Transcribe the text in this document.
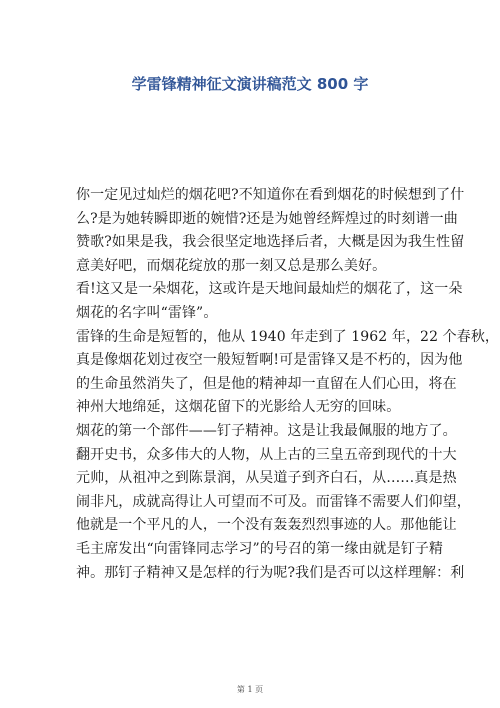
学雷锋精神征文演讲稿范文 800 字
你一定见过灿烂的烟花吧?不知道你在看到烟花的时候想到了什
么?是为她转瞬即逝的婉惜?还是为她曾经辉煌过的时刻谱一曲
赞歌?如果是我，我会很坚定地选择后者，大概是因为我生性留
意美好吧，而烟花绽放的那一刻又总是那么美好。
看!这又是一朵烟花，这或许是天地间最灿烂的烟花了，这一朵
烟花的名字叫“雷锋”。
雷锋的生命是短暂的，他从 1940 年走到了 1962 年，22 个春秋，
真是像烟花划过夜空一般短暂啊!可是雷锋又是不朽的，因为他
的生命虽然消失了，但是他的精神却一直留在人们心田，将在
神州大地绵延，这烟花留下的光影给人无穷的回味。
烟花的第一个部件——钉子精神。这是让我最佩服的地方了。
翻开史书，众多伟大的人物，从上古的三皇五帝到现代的十大
元帅，从祖冲之到陈景润，从吴道子到齐白石，从……真是热
闹非凡，成就高得让人可望而不可及。而雷锋不需要人们仰望，
他就是一个平凡的人，一个没有轰轰烈烈事迹的人。那他能让
毛主席发出“向雷锋同志学习”的号召的第一缘由就是钉子精
神。那钉子精神又是怎样的行为呢?我们是否可以这样理解：利
第 1 页
